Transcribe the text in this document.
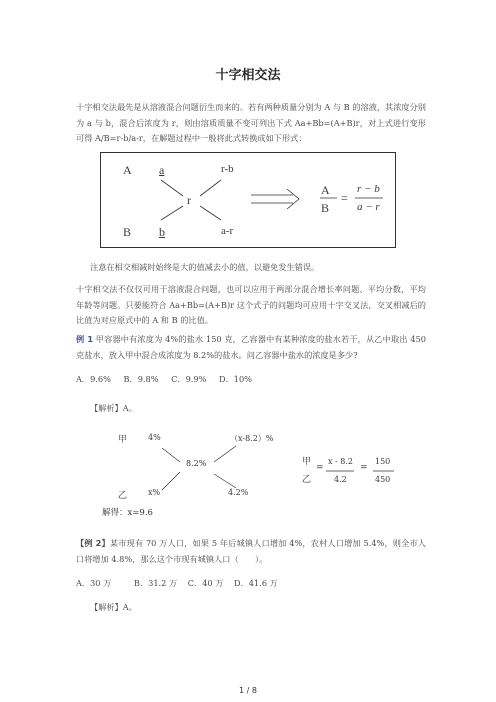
十字相交法
十字相交法最先是从溶液混合问题衍生而来的。若有两种质量分别为 A 与 B 的溶液，其浓度分别为 a 与 b，混合后浓度为 r，则由溶质质量不变可列出下式 Aa+Bb=(A+B)r，对上式进行变形可得 A/B=r-b/a-r，在解题过程中一般将此式转换成如下形式：
A a	r-b
r
B b	a-r
A
B
=
r − b
a − r
注意在相交相减时始终是大的值减去小的值，以避免发生错误。
十字相交法不仅仅可用于溶液混合问题，也可以应用于两部分混合增长率问题、平均分数，平均年龄等问题。只要能符合 Aa+Bb=(A+B)r 这个式子的问题均可应用十字交叉法，交叉相减后的比值为对应原式中的 A 和 B 的比值。
例 1 甲容器中有浓度为 4%的盐水 150 克，乙容器中有某种浓度的盐水若干，从乙中取出 450 克盐水，放入甲中混合成浓度为 8.2%的盐水。问乙容器中盐水的浓度是多少?
A．9.6% B．9.8% C．9.9% D．10%
【解析】A。
甲	4%	（x-8.2）%
8.2%
乙	x%	4.2%
甲
乙
=
x - 8.2
4.2
=
150
450
解得：x=9.6
【例 2】某市现有 70 万人口，如果 5 年后城镇人口增加 4%，农村人口增加 5.4%，则全市人口将增加 4.8%，那么这个市现有城镇人口（　　）。
A．30 万	B．31.2 万 C．40 万 D．41.6 万
【解析】A。
1 / 8
